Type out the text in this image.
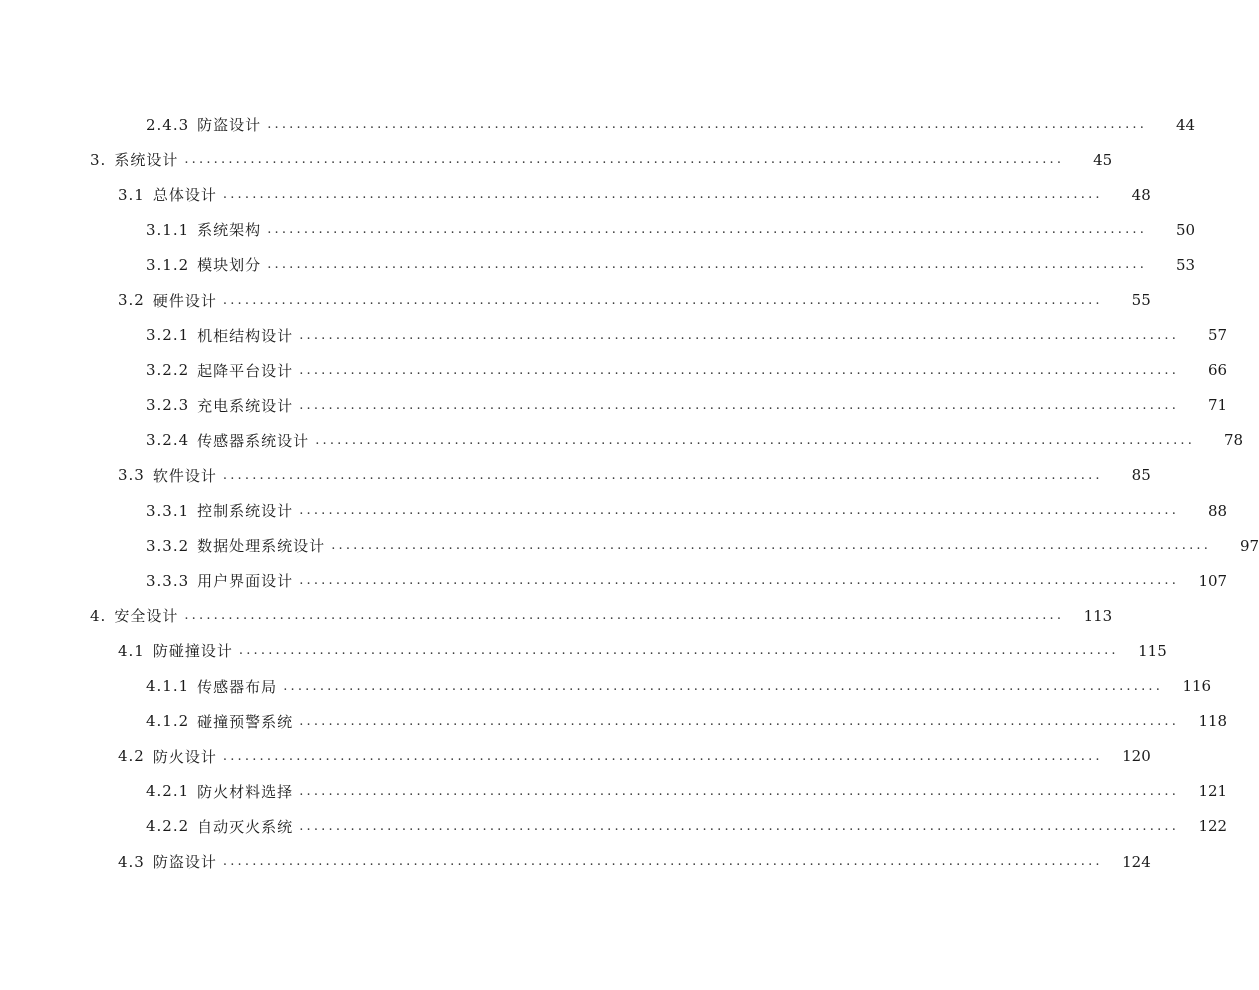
2.4.3 防盗设计 ........................................................................................................................	44
3. 系统设计 ........................................................................................................................	45
3.1 总体设计 ........................................................................................................................	48
3.1.1 系统架构 ........................................................................................................................	50
3.1.2 模块划分 ........................................................................................................................	53
3.2 硬件设计 ........................................................................................................................	55
3.2.1 机柜结构设计 ........................................................................................................................	57
3.2.2 起降平台设计 ........................................................................................................................	66
3.2.3 充电系统设计 ........................................................................................................................	71
3.2.4 传感器系统设计 ........................................................................................................................	78
3.3 软件设计 ........................................................................................................................	85
3.3.1 控制系统设计 ........................................................................................................................	88
3.3.2 数据处理系统设计 ........................................................................................................................	97
3.3.3 用户界面设计 ........................................................................................................................	107
4. 安全设计 ........................................................................................................................	113
4.1 防碰撞设计 ........................................................................................................................	115
4.1.1 传感器布局 ........................................................................................................................	116
4.1.2 碰撞预警系统 ........................................................................................................................	118
4.2 防火设计 ........................................................................................................................	120
4.2.1 防火材料选择 ........................................................................................................................	121
4.2.2 自动灭火系统 ........................................................................................................................	122
4.3 防盗设计 ........................................................................................................................	124
